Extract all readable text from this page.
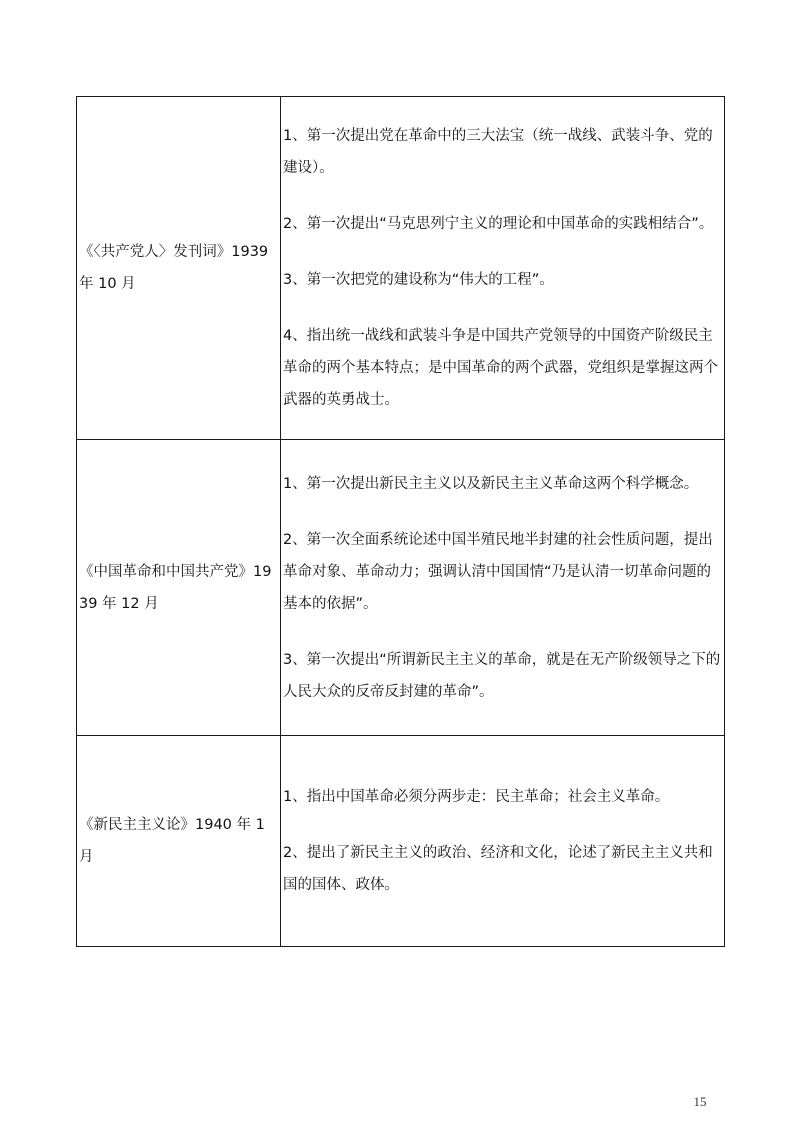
《〈共产党人〉发刊词》1939年 10 月	1、第一次提出党在革命中的三大法宝（统一战线、武装斗争、党的建设）。

2、第一次提出“马克思列宁主义的理论和中国革命的实践相结合”。

3、第一次把党的建设称为“伟大的工程”。

4、指出统一战线和武装斗争是中国共产党领导的中国资产阶级民主革命的两个基本特点；是中国革命的两个武器，党组织是掌握这两个武器的英勇战士。

《中国革命和中国共产党》1939 年 12 月	1、第一次提出新民主主义以及新民主主义革命这两个科学概念。

2、第一次全面系统论述中国半殖民地半封建的社会性质问题，提出革命对象、革命动力；强调认清中国国情“乃是认清一切革命问题的基本的依据”。

3、第一次提出“所谓新民主主义的革命，就是在无产阶级领导之下的人民大众的反帝反封建的革命”。

《新民主主义论》1940 年 1 月	1、指出中国革命必须分两步走：民主革命；社会主义革命。

2、提出了新民主主义的政治、经济和文化，论述了新民主主义共和国的国体、政体。

15
